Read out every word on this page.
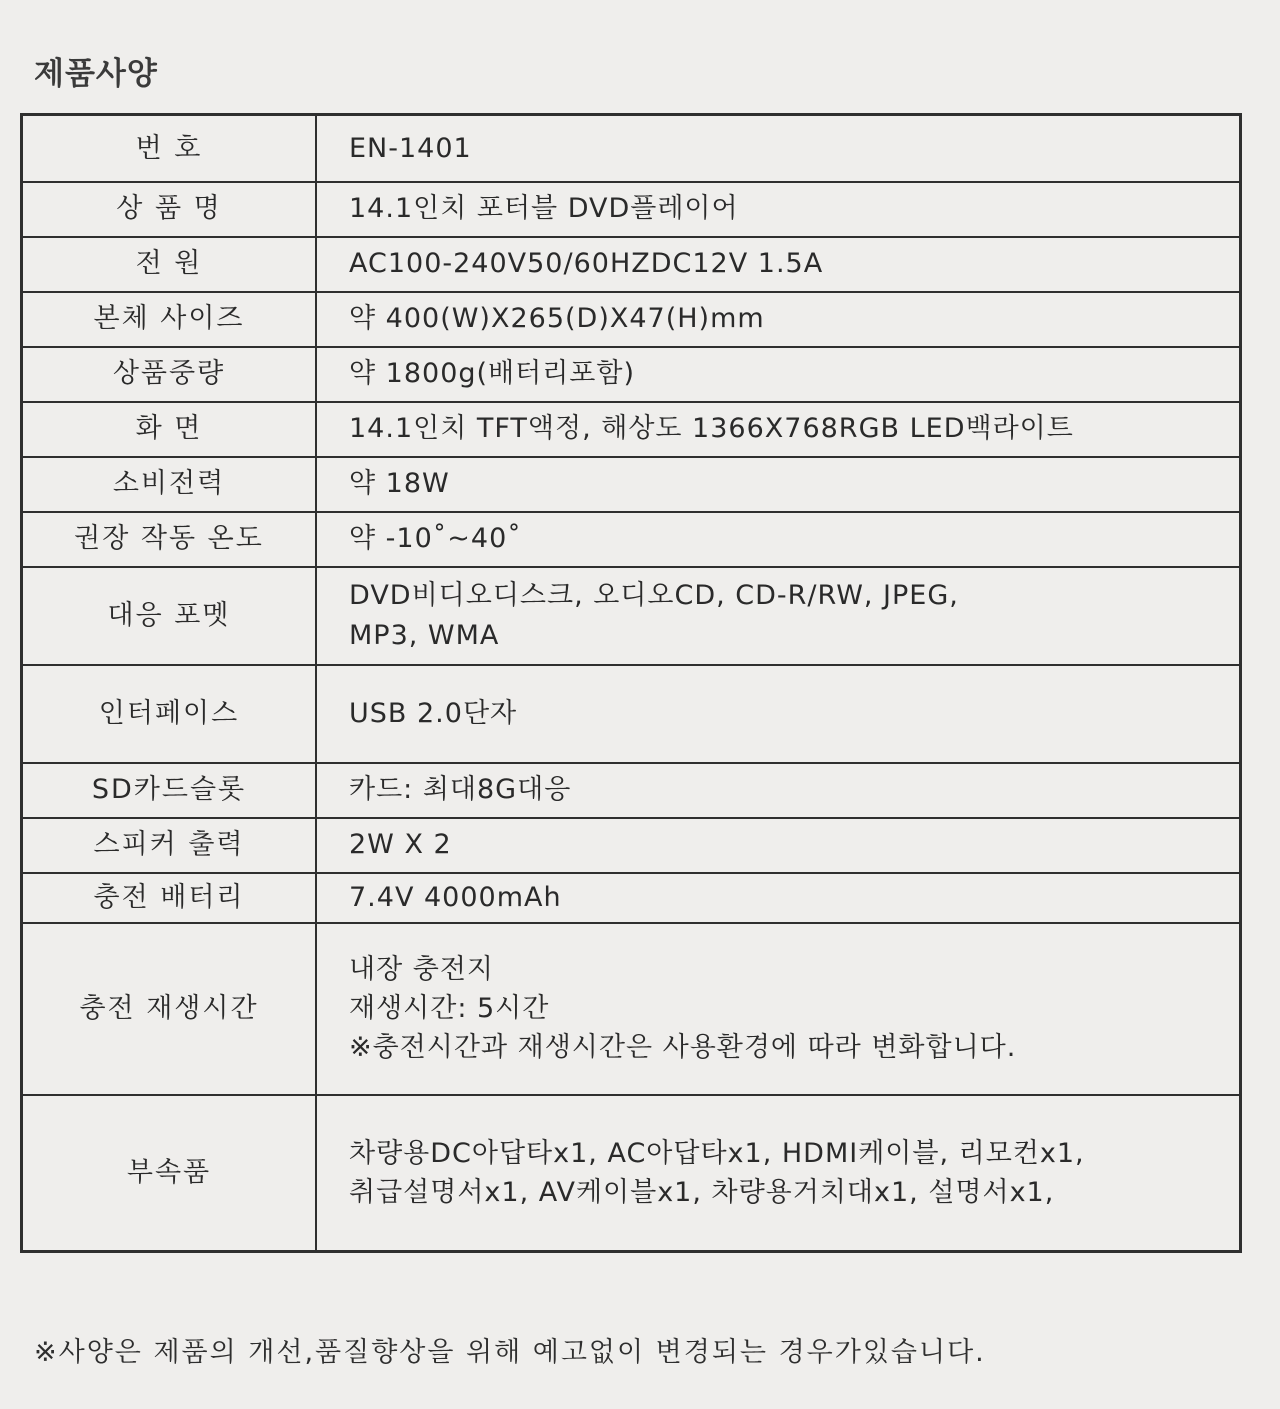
제품사양
번 호	EN-1401

상 품 명	14.1인치 포터블 DVD플레이어

전 원	AC100-240V50/60HZDC12V 1.5A

본체 사이즈	약 400(W)X265(D)X47(H)mm

상품중량	약 1800g(배터리포함)

화 면	14.1인치 TFT액정, 해상도 1366X768RGB LED백라이트

소비전력	약 18W

권장 작동 온도	약 -10˚~40˚

대응 포멧	DVD비디오디스크, 오디오CD, CD-R/RW, JPEG,
MP3, WMA

인터페이스	USB 2.0단자

SD카드슬롯	카드: 최대8G대응

스피커 출력	2W X 2

충전 배터리	7.4V 4000mAh

충전 재생시간	내장 충전지
재생시간: 5시간
※충전시간과 재생시간은 사용환경에 따라 변화합니다.

부속품	차량용DC아답타x1, AC아답타x1, HDMI케이블, 리모컨x1,
취급설명서x1, AV케이블x1, 차량용거치대x1, 설명서x1,
※사양은 제품의 개선,품질향상을 위해 예고없이 변경되는 경우가있습니다.
